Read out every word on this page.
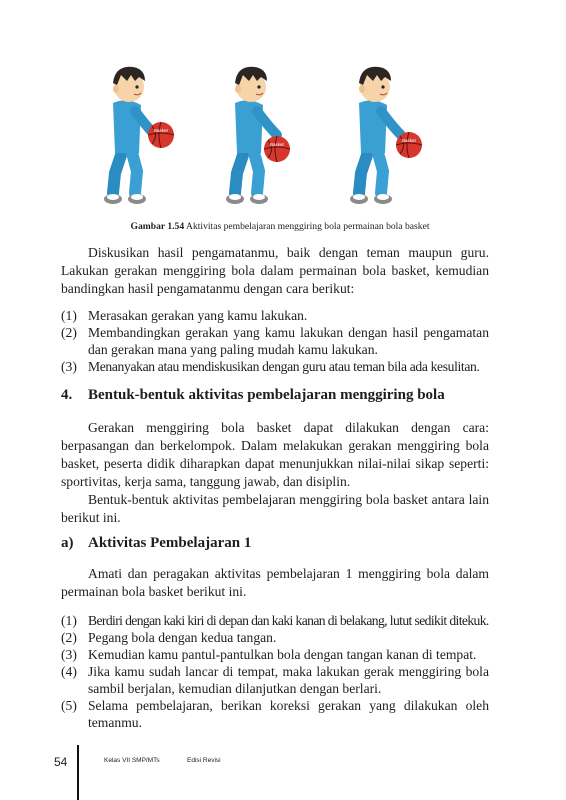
Basket
Basket
Basket
Gambar 1.54 Aktivitas pembelajaran menggiring bola permainan bola basket
Diskusikan hasil pengamatanmu, baik dengan teman maupun guru. Lakukan gerakan menggiring bola dalam permainan bola basket, kemudian bandingkan hasil pengamatanmu dengan cara berikut:
(1) Merasakan gerakan yang kamu lakukan.
(2) Membandingkan gerakan yang kamu lakukan dengan hasil pengamatan dan gerakan mana yang paling mudah kamu lakukan.
(3) Menanyakan atau mendiskusikan dengan guru atau teman bila ada kesulitan.
4. Bentuk-bentuk aktivitas pembelajaran menggiring bola
Gerakan menggiring bola basket dapat dilakukan dengan cara: berpasangan dan berkelompok. Dalam melakukan gerakan menggiring bola basket, peserta didik diharapkan dapat menunjukkan nilai-nilai sikap seperti: sportivitas, kerja sama, tanggung jawab, dan disiplin.
Bentuk-bentuk aktivitas pembelajaran menggiring bola basket antara lain berikut ini.
a) Aktivitas Pembelajaran 1
Amati dan peragakan aktivitas pembelajaran 1 menggiring bola dalam permainan bola basket berikut ini.
(1) Berdiri dengan kaki kiri di depan dan kaki kanan di belakang, lutut sedikit ditekuk.
(2) Pegang bola dengan kedua tangan.
(3) Kemudian kamu pantul-pantulkan bola dengan tangan kanan di tempat.
(4) Jika kamu sudah lancar di tempat, maka lakukan gerak menggiring bola sambil berjalan, kemudian dilanjutkan dengan berlari.
(5) Selama pembelajaran, berikan koreksi gerakan yang dilakukan oleh temanmu.
54	Kelas VII SMP/MTs	Edisi Revisi
